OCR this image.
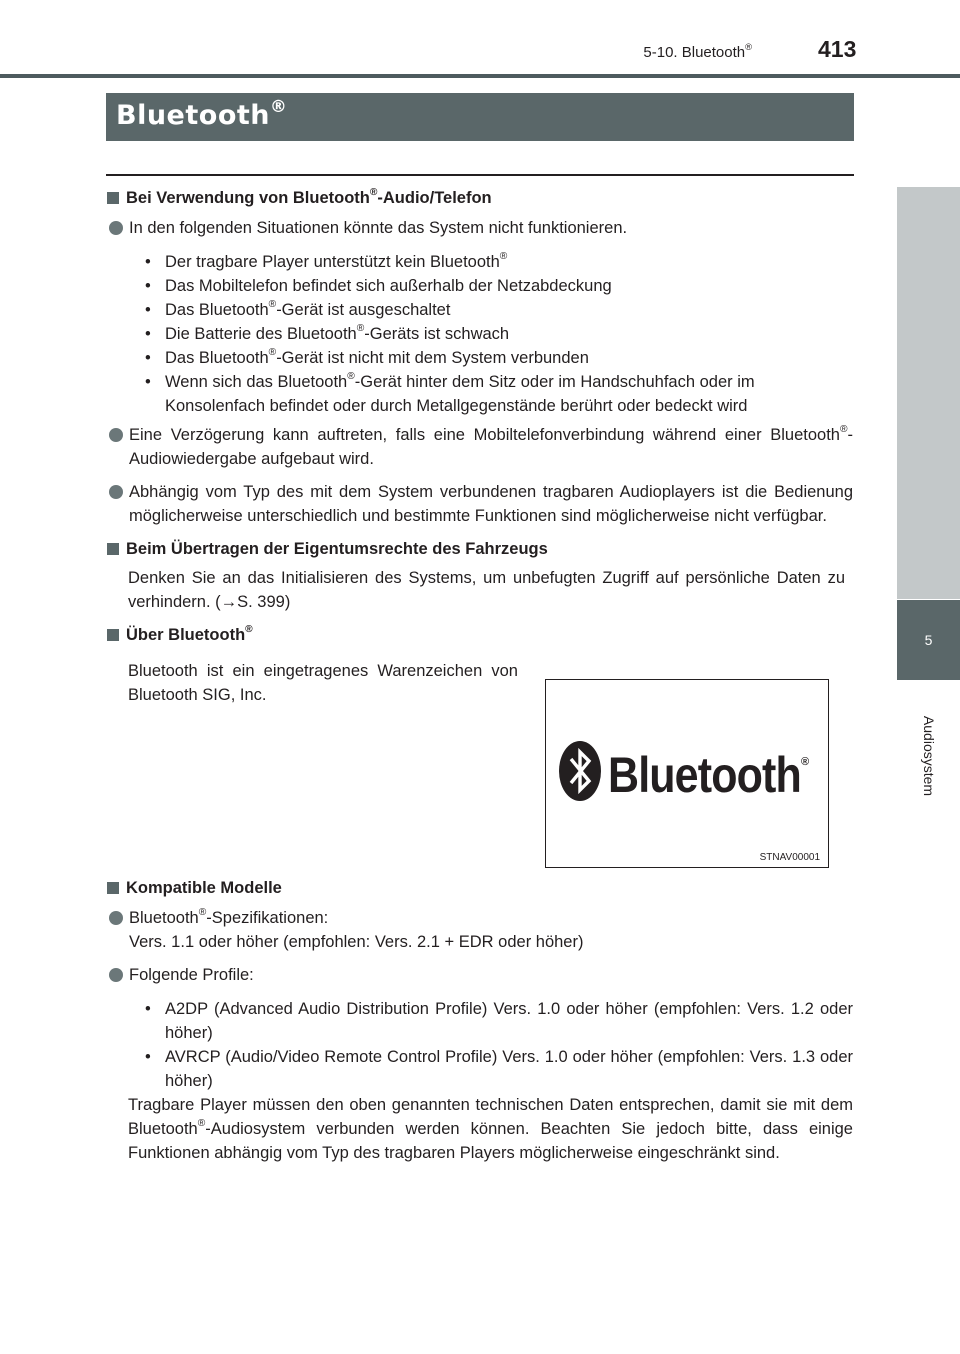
5-10. Bluetooth®	413
5
Audiosystem
Bluetooth®
Bei Verwendung von Bluetooth®-Audio/Telefon
In den folgenden Situationen könnte das System nicht funktionieren.
• Der tragbare Player unterstützt kein Bluetooth®
• Das Mobiltelefon befindet sich außerhalb der Netzabdeckung
• Das Bluetooth®-Gerät ist ausgeschaltet
• Die Batterie des Bluetooth®-Geräts ist schwach
• Das Bluetooth®-Gerät ist nicht mit dem System verbunden
• Wenn sich das Bluetooth®-Gerät hinter dem Sitz oder im Handschuhfach oder im Konsolenfach befindet oder durch Metallgegenstände berührt oder bedeckt wird
Eine Verzögerung kann auftreten, falls eine Mobiltelefonverbindung während einer Bluetooth®-Audiowiedergabe aufgebaut wird.
Abhängig vom Typ des mit dem System verbundenen tragbaren Audioplayers ist die Bedienung möglicherweise unterschiedlich und bestimmte Funktionen sind möglicherweise nicht verfügbar.
Beim Übertragen der Eigentumsrechte des Fahrzeugs
Denken Sie an das Initialisieren des Systems, um unbefugten Zugriff auf persönliche Daten zu verhindern. (→S. 399)
Über Bluetooth®
Bluetooth ist ein eingetragenes Warenzeichen von Bluetooth SIG, Inc.
Kompatible Modelle
Bluetooth®-Spezifikationen:
Vers. 1.1 oder höher (empfohlen: Vers. 2.1 + EDR oder höher)
Folgende Profile:
• A2DP (Advanced Audio Distribution Profile) Vers. 1.0 oder höher (empfohlen: Vers. 1.2 oder höher)
• AVRCP (Audio/Video Remote Control Profile) Vers. 1.0 oder höher (empfohlen: Vers. 1.3 oder höher)
Tragbare Player müssen den oben genannten technischen Daten entsprechen, damit sie mit dem Bluetooth®-Audiosystem verbunden werden können. Beachten Sie jedoch bitte, dass einige Funktionen abhängig vom Typ des tragbaren Players möglicherweise eingeschränkt sind.
Bluetooth ®
STNAV00001
